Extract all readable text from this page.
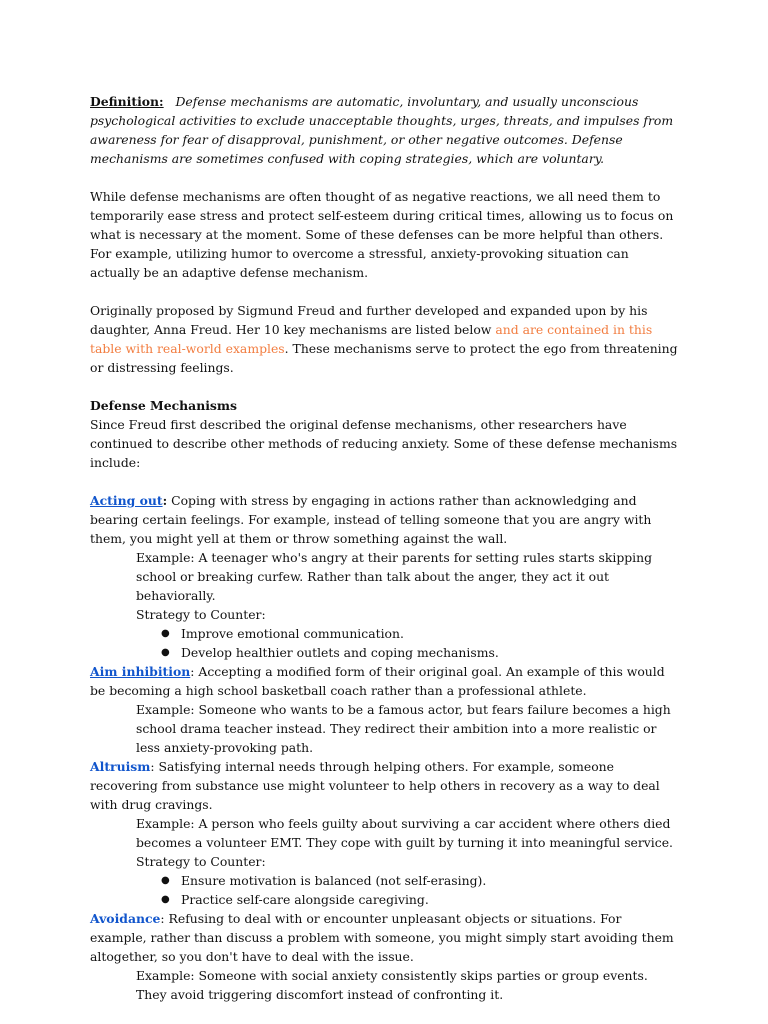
Definition: Defense mechanisms are automatic, involuntary, and usually unconscious psychological activities to exclude unacceptable thoughts, urges, threats, and impulses from awareness for fear of disapproval, punishment, or other negative outcomes. Defense mechanisms are sometimes confused with coping strategies, which are voluntary.

While defense mechanisms are often thought of as negative reactions, we all need them to temporarily ease stress and protect self-esteem during critical times, allowing us to focus on what is necessary at the moment. Some of these defenses can be more helpful than others. For example, utilizing humor to overcome a stressful, anxiety-provoking situation can actually be an adaptive defense mechanism.

Originally proposed by Sigmund Freud and further developed and expanded upon by his daughter, Anna Freud. Her 10 key mechanisms are listed below and are contained in this table with real-world examples. These mechanisms serve to protect the ego from threatening or distressing feelings.

Defense Mechanisms

Since Freud first described the original defense mechanisms, other researchers have continued to describe other methods of reducing anxiety. Some of these defense mechanisms include:

Acting out: Coping with stress by engaging in actions rather than acknowledging and bearing certain feelings. For example, instead of telling someone that you are angry with them, you might yell at them or throw something against the wall.

Example: A teenager who's angry at their parents for setting rules starts skipping school or breaking curfew. Rather than talk about the anger, they act it out behaviorally.

Strategy to Counter:

● Improve emotional communication.
● Develop healthier outlets and coping mechanisms.

Aim inhibition: Accepting a modified form of their original goal. An example of this would be becoming a high school basketball coach rather than a professional athlete.

Example: Someone who wants to be a famous actor, but fears failure becomes a high school drama teacher instead. They redirect their ambition into a more realistic or less anxiety-provoking path.

Altruism: Satisfying internal needs through helping others. For example, someone recovering from substance use might volunteer to help others in recovery as a way to deal with drug cravings.

Example: A person who feels guilty about surviving a car accident where others died becomes a volunteer EMT. They cope with guilt by turning it into meaningful service.

Strategy to Counter:

● Ensure motivation is balanced (not self-erasing).
● Practice self-care alongside caregiving.

Avoidance: Refusing to deal with or encounter unpleasant objects or situations. For example, rather than discuss a problem with someone, you might simply start avoiding them altogether, so you don't have to deal with the issue.

Example: Someone with social anxiety consistently skips parties or group events. They avoid triggering discomfort instead of confronting it.
